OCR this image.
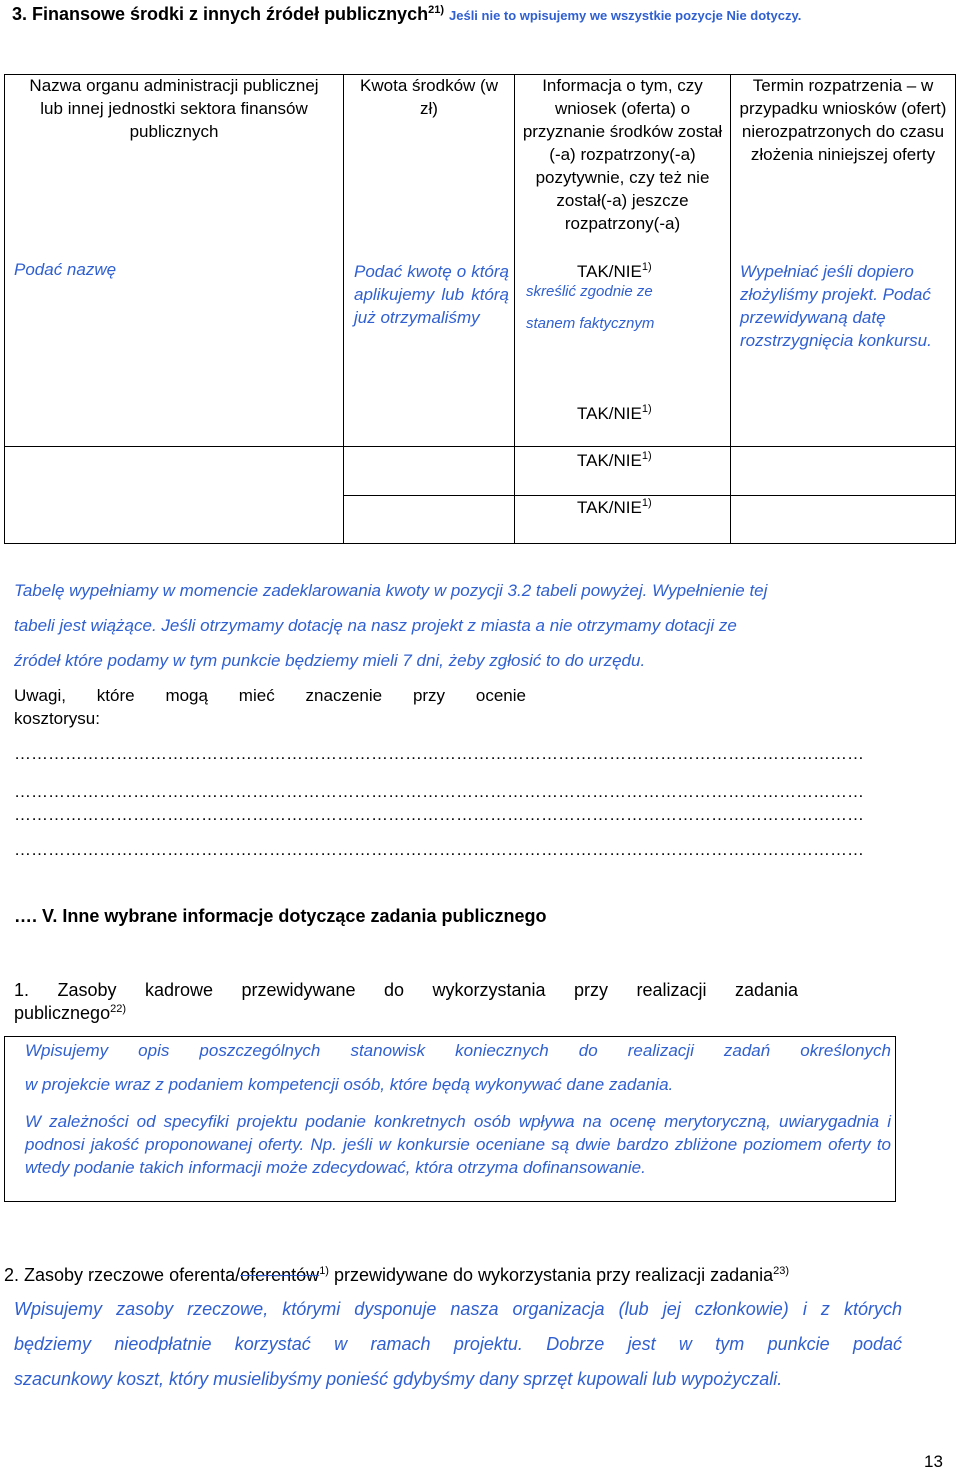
3. Finansowe środki z innych źródeł publicznych$^{21)}$ Jeśli nie to wpisujemy we wszystkie pozycje Nie dotyczy.
Nazwa organu administracji publicznej lub innej jednostki sektora finansów publicznych
Kwota środków (w zł)
Informacja o tym, czy wniosek (oferta) o przyznanie środków został (-a) rozpatrzony(-a) pozytywnie, czy też nie został(-a) jeszcze rozpatrzony(-a)
Termin rozpatrzenia – w przypadku wniosków (ofert) nierozpatrzonych do czasu złożenia niniejszej oferty
Podać nazwę	Podać kwotę o którą aplikujemy lub którą już otrzymaliśmy
TAK/NIE$^{1)}$
skreślić zgodnie ze
stanem faktycznym
TAK/NIE$^{1)}$
Wypełniać jeśli dopiero złożyliśmy projekt. Podać przewidywaną datę rozstrzygnięcia konkursu.
TAK/NIE$^{1)}$
TAK/NIE$^{1)}$
Tabelę wypełniamy w momencie zadeklarowania kwoty w pozycji 3.2 tabeli powyżej. Wypełnienie tej
tabeli jest wiążące. Jeśli otrzymamy dotację na nasz projekt z miasta a nie otrzymamy dotacji ze
źródeł które podamy w tym punkcie będziemy mieli 7 dni, żeby zgłosić to do urzędu.
Uwagi, które mogą mieć znaczenie przy ocenie
kosztorysu:
……………………………………………………………………………………………………………………………………
……………………………………………………………………………………………………………………………………
……………………………………………………………………………………………………………………………………
……………………………………………………………………………………………………………………………………
…. V. Inne wybrane informacje dotyczące zadania publicznego
1. Zasoby kadrowe przewidywane do wykorzystania przy realizacji zadania
publicznego$^{22)}$
Wpisujemy opis poszczególnych stanowisk koniecznych do realizacji zadań określonych
w projekcie wraz z podaniem kompetencji osób, które będą wykonywać dane zadania.
W zależności od specyfiki projektu podanie konkretnych osób wpływa na ocenę merytoryczną, uwiarygadnia i podnosi jakość proponowanej oferty. Np. jeśli w konkursie oceniane są dwie bardzo zbliżone poziomem oferty to wtedy podanie takich informacji może zdecydować, która otrzyma dofinansowanie.
2. Zasoby rzeczowe oferenta/oferentów$^{1)}$ przewidywane do wykorzystania przy realizacji zadania$^{23)}$
Wpisujemy zasoby rzeczowe, którymi dysponuje nasza organizacja (lub jej członkowie) i z których
będziemy nieodpłatnie korzystać w ramach projektu. Dobrze jest w tym punkcie podać
szacunkowy koszt, który musielibyśmy ponieść gdybyśmy dany sprzęt kupowali lub wypożyczali.
13
